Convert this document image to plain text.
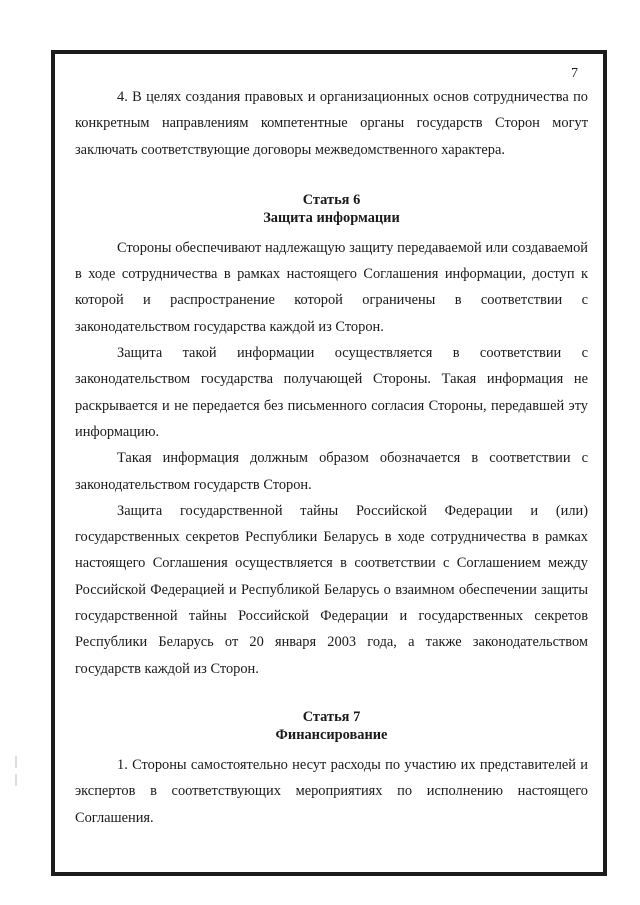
7

4. В целях создания правовых и организационных основ сотрудничества по конкретным направлениям компетентные органы государств Сторон могут заключать соответствующие договоры межведомственного характера.

Статья 6

Защита информации

Стороны обеспечивают надлежащую защиту передаваемой или создаваемой в ходе сотрудничества в рамках настоящего Соглашения информации, доступ к которой и распространение которой ограничены в соответствии с законодательством государства каждой из Сторон.

Защита такой информации осуществляется в соответствии с законодательством государства получающей Стороны. Такая информация не раскрывается и не передается без письменного согласия Стороны, передавшей эту информацию.

Такая информация должным образом обозначается в соответствии с законодательством государств Сторон.

Защита государственной тайны Российской Федерации и (или) государственных секретов Республики Беларусь в ходе сотрудничества в рамках настоящего Соглашения осуществляется в соответствии с Соглашением между Российской Федерацией и Республикой Беларусь о взаимном обеспечении защиты государственной тайны Российской Федерации и государственных секретов Республики Беларусь от 20 января 2003 года, а также законодательством государств каждой из Сторон.

Статья 7

Финансирование

1. Стороны самостоятельно несут расходы по участию их представителей и экспертов в соответствующих мероприятиях по исполнению настоящего Соглашения.
